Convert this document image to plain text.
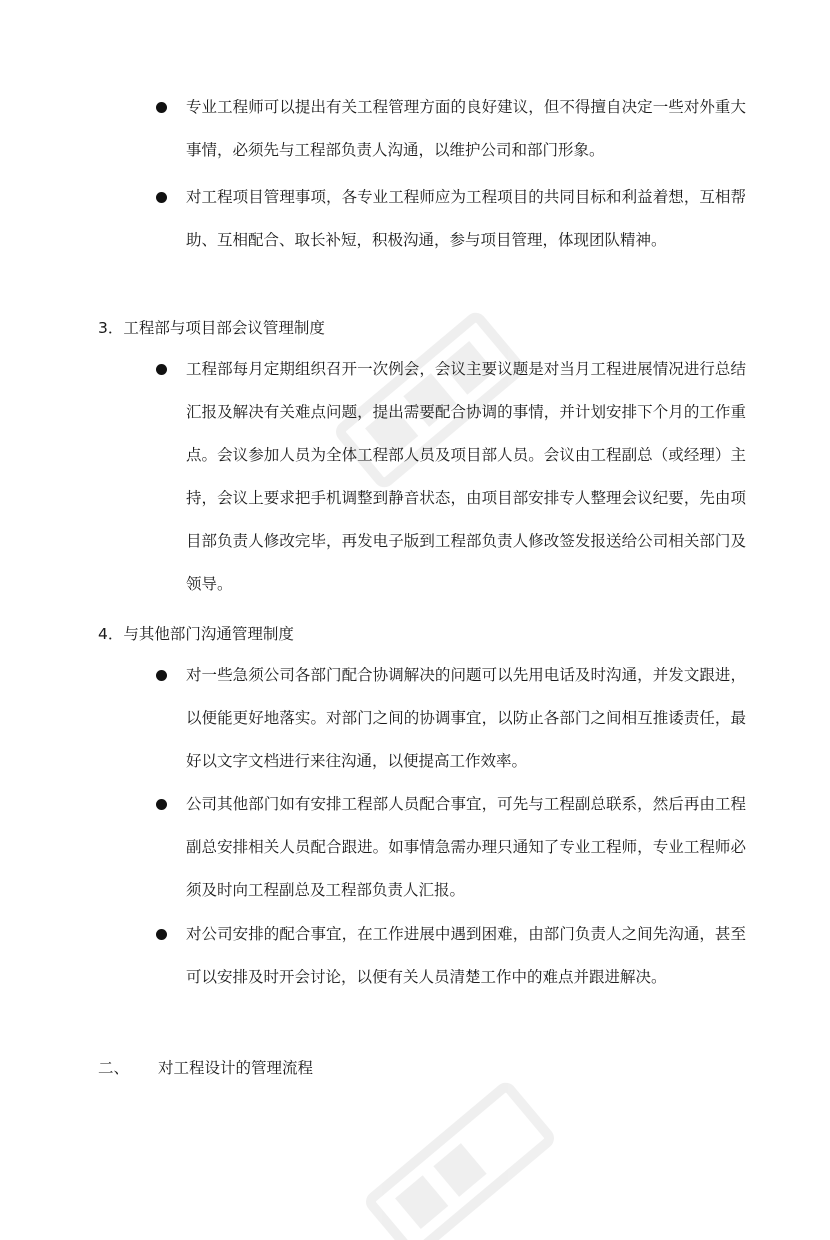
专业工程师可以提出有关工程管理方面的良好建议，但不得擅自决定一些对外重大事情，必须先与工程部负责人沟通，以维护公司和部门形象。
对工程项目管理事项，各专业工程师应为工程项目的共同目标和利益着想，互相帮助、互相配合、取长补短，积极沟通，参与项目管理，体现团队精神。
3．工程部与项目部会议管理制度
工程部每月定期组织召开一次例会，会议主要议题是对当月工程进展情况进行总结汇报及解决有关难点问题，提出需要配合协调的事情，并计划安排下个月的工作重点。会议参加人员为全体工程部人员及项目部人员。会议由工程副总（或经理）主持，会议上要求把手机调整到静音状态，由项目部安排专人整理会议纪要，先由项目部负责人修改完毕，再发电子版到工程部负责人修改签发报送给公司相关部门及领导。
4．与其他部门沟通管理制度
对一些急须公司各部门配合协调解决的问题可以先用电话及时沟通，并发文跟进，以便能更好地落实。对部门之间的协调事宜，以防止各部门之间相互推诿责任，最好以文字文档进行来往沟通，以便提高工作效率。
公司其他部门如有安排工程部人员配合事宜，可先与工程副总联系，然后再由工程副总安排相关人员配合跟进。如事情急需办理只通知了专业工程师，专业工程师必须及时向工程副总及工程部负责人汇报。
对公司安排的配合事宜，在工作进展中遇到困难，由部门负责人之间先沟通，甚至可以安排及时开会讨论，以便有关人员清楚工作中的难点并跟进解决。
二、 对工程设计的管理流程
